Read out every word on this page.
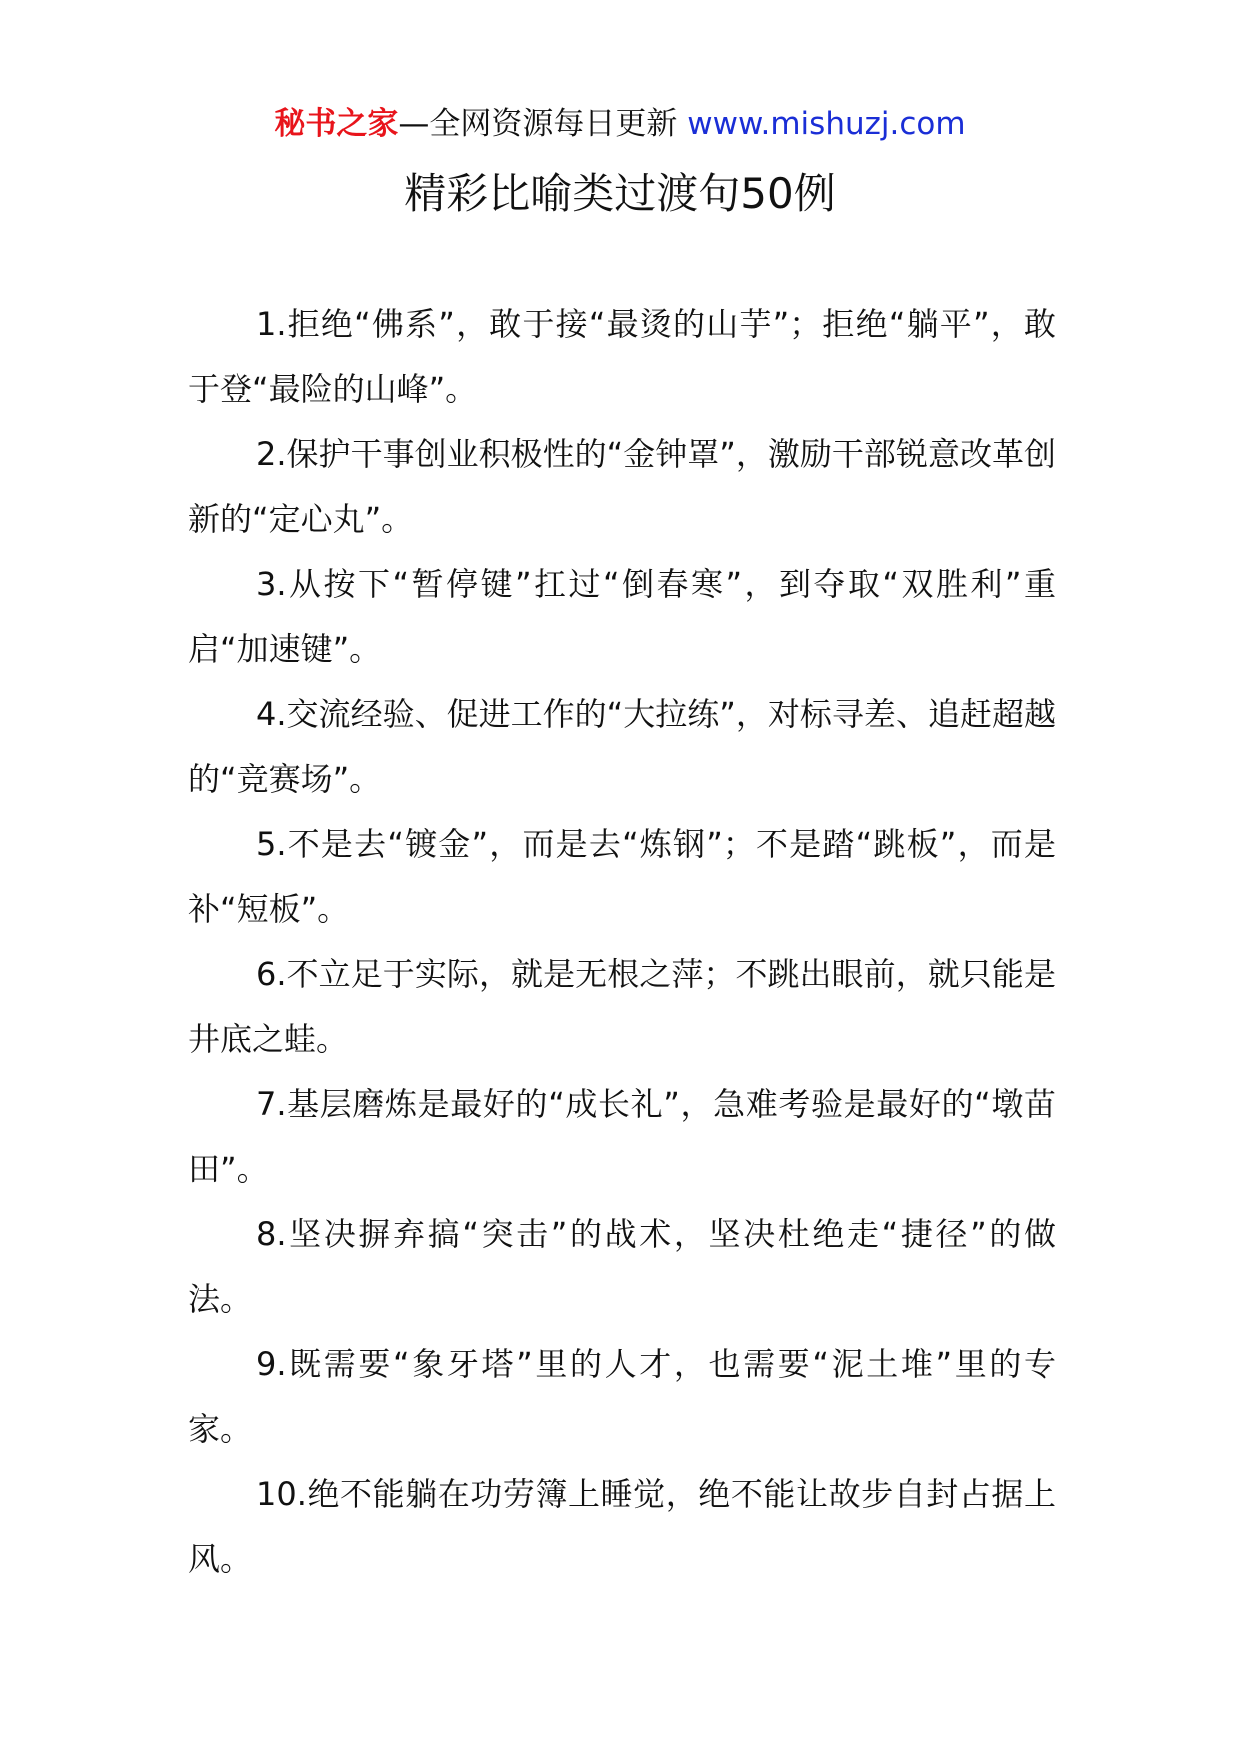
秘书之家—全网资源每日更新 www.mishuzj.com
精彩比喻类过渡句50例

1.拒绝“佛系”，敢于接“最烫的山芋”；拒绝“躺平”，敢于登“最险的山峰”。

2.保护干事创业积极性的“金钟罩”，激励干部锐意改革创新的“定心丸”。

3.从按下“暂停键”扛过“倒春寒”，到夺取“双胜利”重启“加速键”。

4.交流经验、促进工作的“大拉练”，对标寻差、追赶超越的“竞赛场”。

5.不是去“镀金”，而是去“炼钢”；不是踏“跳板”，而是补“短板”。

6.不立足于实际，就是无根之萍；不跳出眼前，就只能是井底之蛙。

7.基层磨炼是最好的“成长礼”，急难考验是最好的“墩苗田”。

8.坚决摒弃搞“突击”的战术，坚决杜绝走“捷径”的做法。

9.既需要“象牙塔”里的人才，也需要“泥土堆”里的专家。

10.绝不能躺在功劳簿上睡觉，绝不能让故步自封占据上风。
